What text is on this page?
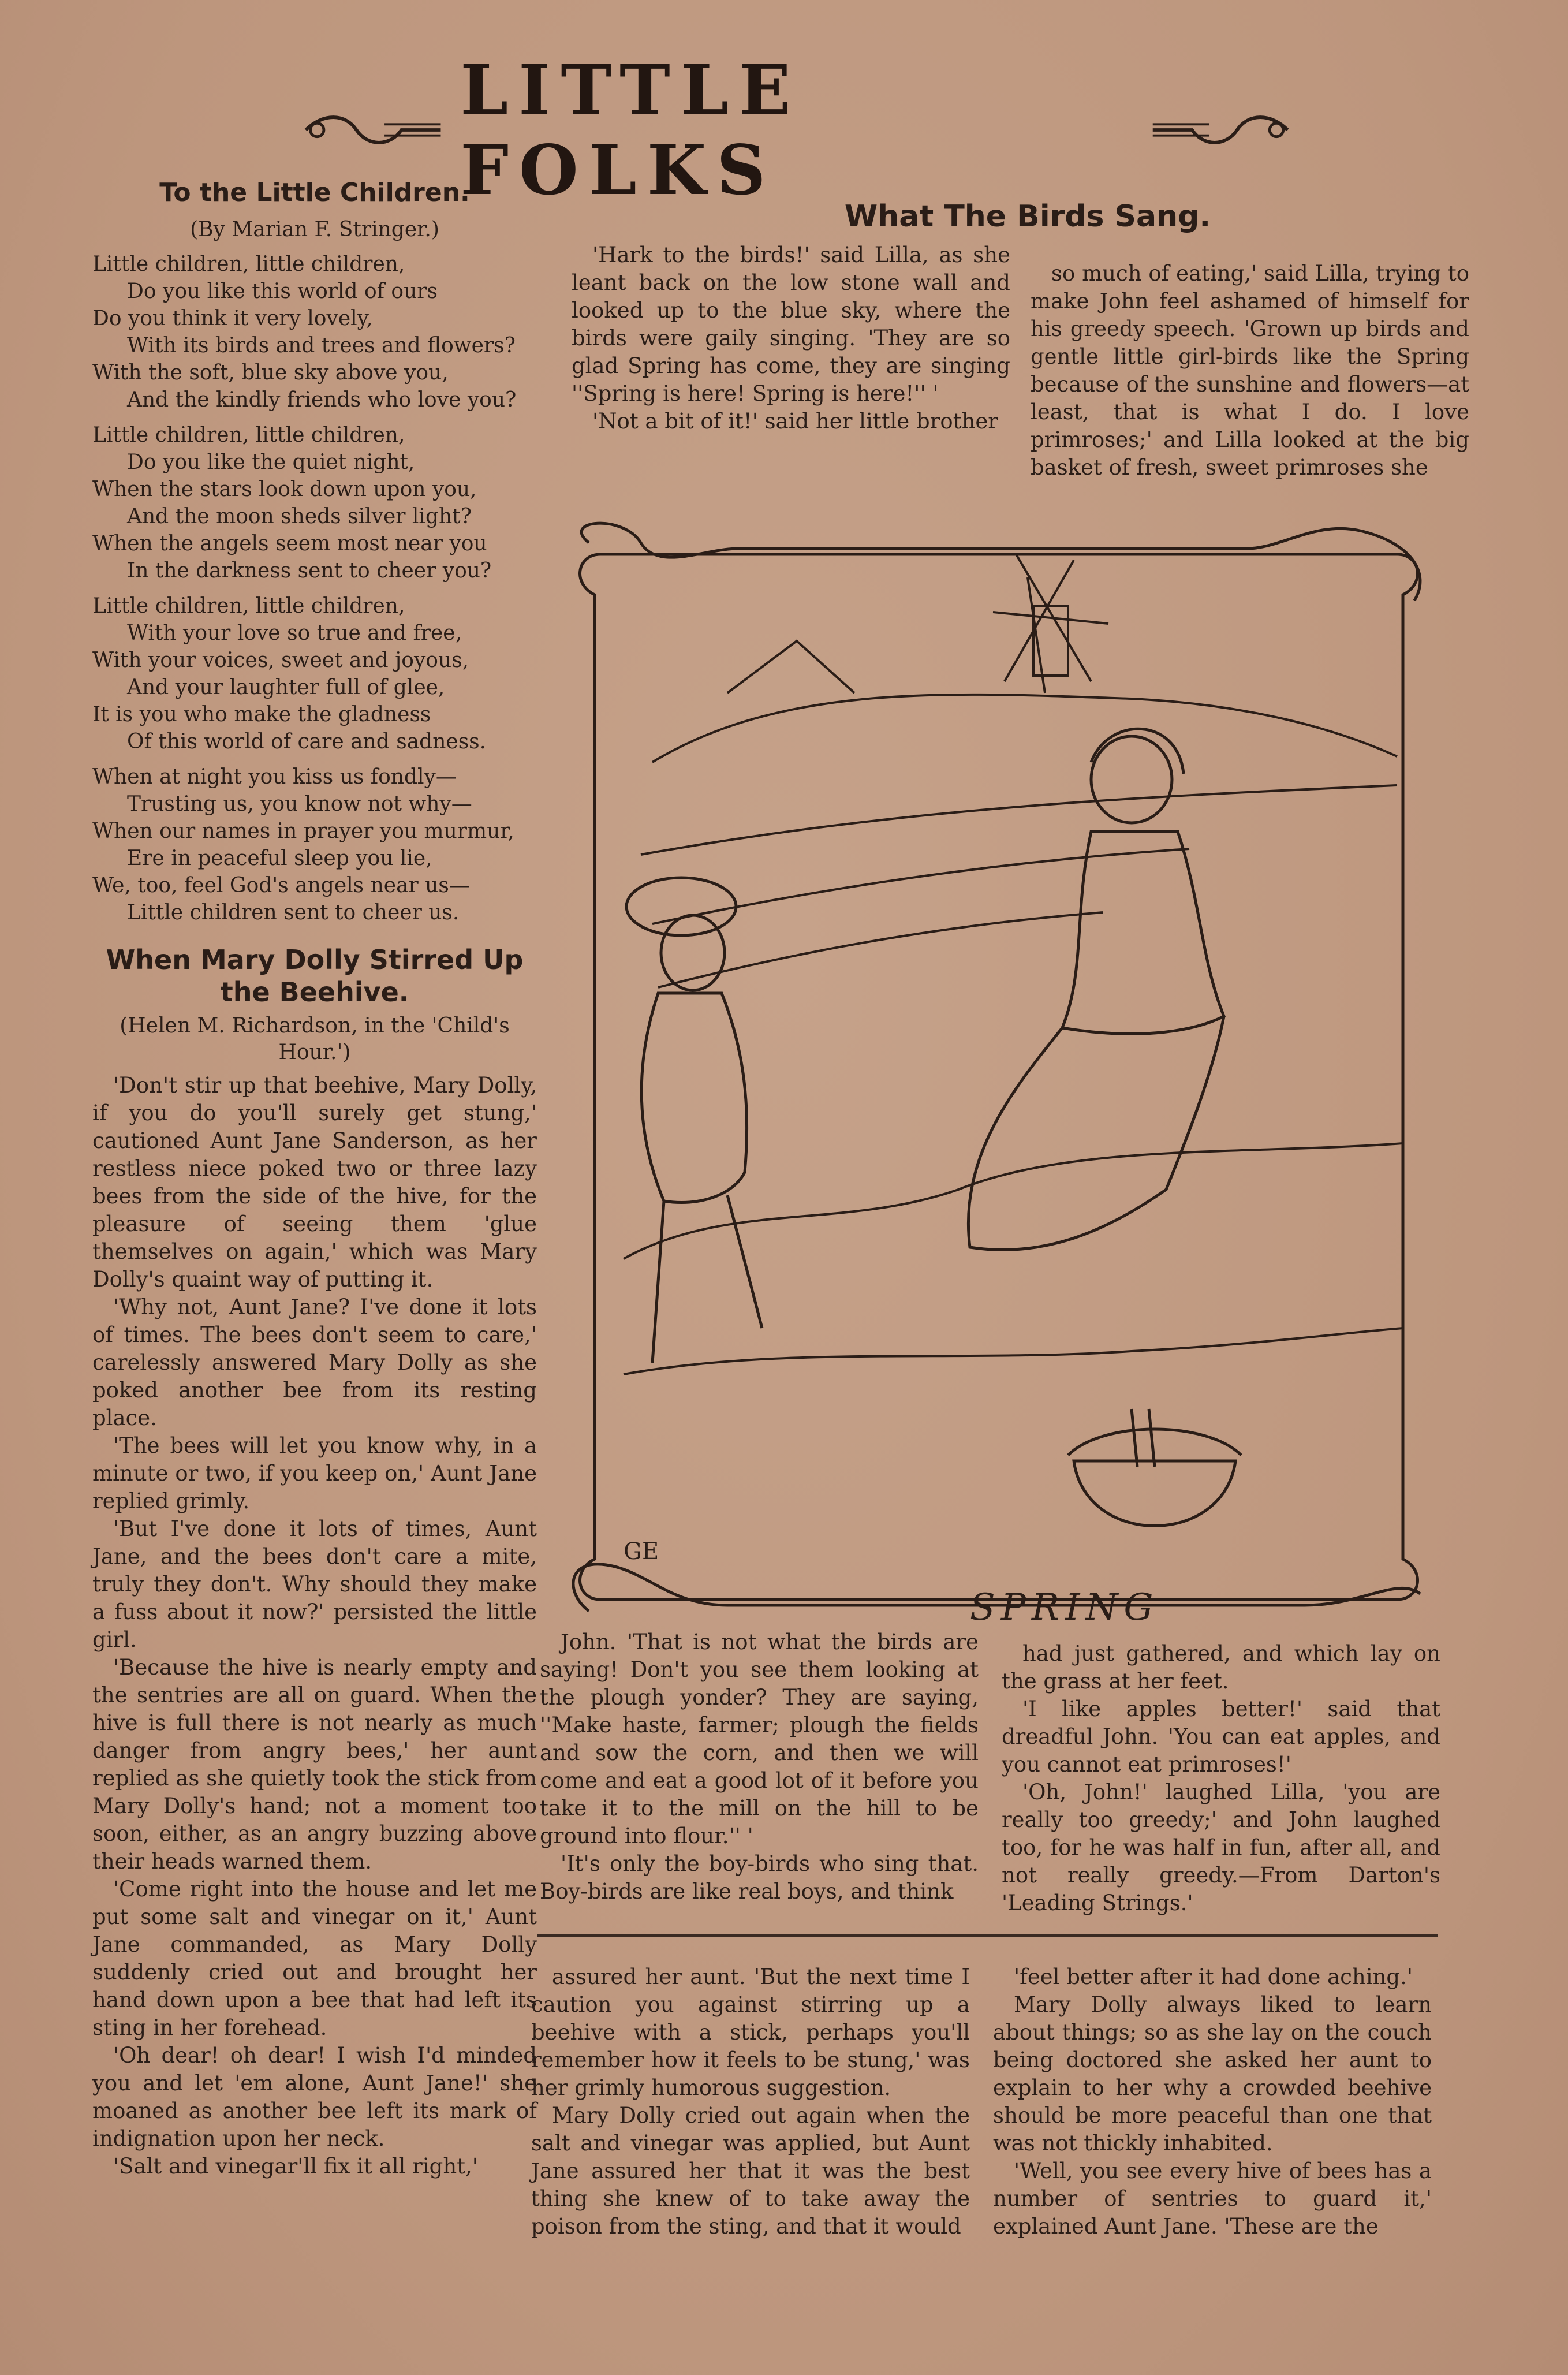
LITTLE FOLKS
To the Little Children.
(By Marian F. Stringer.)
Little children, little children,
Do you like this world of ours
Do you think it very lovely,
With its birds and trees and flowers?
With the soft, blue sky above you,
And the kindly friends who love you?
Little children, little children,
Do you like the quiet night,
When the stars look down upon you,
And the moon sheds silver light?
When the angels seem most near you
In the darkness sent to cheer you?
Little children, little children,
With your love so true and free,
With your voices, sweet and joyous,
And your laughter full of glee,
It is you who make the gladness
Of this world of care and sadness.
When at night you kiss us fondly—
Trusting us, you know not why—
When our names in prayer you murmur,
Ere in peaceful sleep you lie,
We, too, feel God's angels near us—
Little children sent to cheer us.
When Mary Dolly Stirred Up the Beehive.
(Helen M. Richardson, in the 'Child's Hour.')

'Don't stir up that beehive, Mary Dolly, if you do you'll surely get stung,' cautioned Aunt Jane Sanderson, as her restless niece poked two or three lazy bees from the side of the hive, for the pleasure of seeing them 'glue themselves on again,' which was Mary Dolly's quaint way of putting it.

'Why not, Aunt Jane? I've done it lots of times. The bees don't seem to care,' carelessly answered Mary Dolly as she poked another bee from its resting place.

'The bees will let you know why, in a minute or two, if you keep on,' Aunt Jane replied grimly.

'But I've done it lots of times, Aunt Jane, and the bees don't care a mite, truly they don't. Why should they make a fuss about it now?' persisted the little girl.

'Because the hive is nearly empty and the sentries are all on guard. When the hive is full there is not nearly as much danger from angry bees,' her aunt replied as she quietly took the stick from Mary Dolly's hand; not a moment too soon, either, as an angry buzzing above their heads warned them.

'Come right into the house and let me put some salt and vinegar on it,' Aunt Jane commanded, as Mary Dolly suddenly cried out and brought her hand down upon a bee that had left its sting in her forehead.

'Oh dear! oh dear! I wish I'd minded you and let 'em alone, Aunt Jane!' she moaned as another bee left its mark of indignation upon her neck.

'Salt and vinegar'll fix it all right,'

What The Birds Sang.

'Hark to the birds!' said Lilla, as she leant back on the low stone wall and looked up to the blue sky, where the birds were gaily singing. 'They are so glad Spring has come, they are singing ''Spring is here! Spring is here!'' '

'Not a bit of it!' said her little brother

so much of eating,' said Lilla, trying to make John feel ashamed of himself for his greedy speech. 'Grown up birds and gentle little girl-birds like the Spring because of the sunshine and flowers—at least, that is what I do. I love primroses;' and Lilla looked at the big basket of fresh, sweet primroses she

GE
SPRING

John. 'That is not what the birds are saying! Don't you see them looking at the plough yonder? They are saying, ''Make haste, farmer; plough the fields and sow the corn, and then we will come and eat a good lot of it before you take it to the mill on the hill to be ground into flour.'' '

'It's only the boy-birds who sing that. Boy-birds are like real boys, and think

had just gathered, and which lay on the grass at her feet.

'I like apples better!' said that dreadful John. 'You can eat apples, and you cannot eat primroses!'

'Oh, John!' laughed Lilla, 'you are really too greedy;' and John laughed too, for he was half in fun, after all, and not really greedy.—From Darton's 'Leading Strings.'

assured her aunt. 'But the next time I caution you against stirring up a beehive with a stick, perhaps you'll remember how it feels to be stung,' was her grimly humorous suggestion.

Mary Dolly cried out again when the salt and vinegar was applied, but Aunt Jane assured her that it was the best thing she knew of to take away the poison from the sting, and that it would

'feel better after it had done aching.'

Mary Dolly always liked to learn about things; so as she lay on the couch being doctored she asked her aunt to explain to her why a crowded beehive should be more peaceful than one that was not thickly inhabited.

'Well, you see every hive of bees has a number of sentries to guard it,' explained Aunt Jane. 'These are the
